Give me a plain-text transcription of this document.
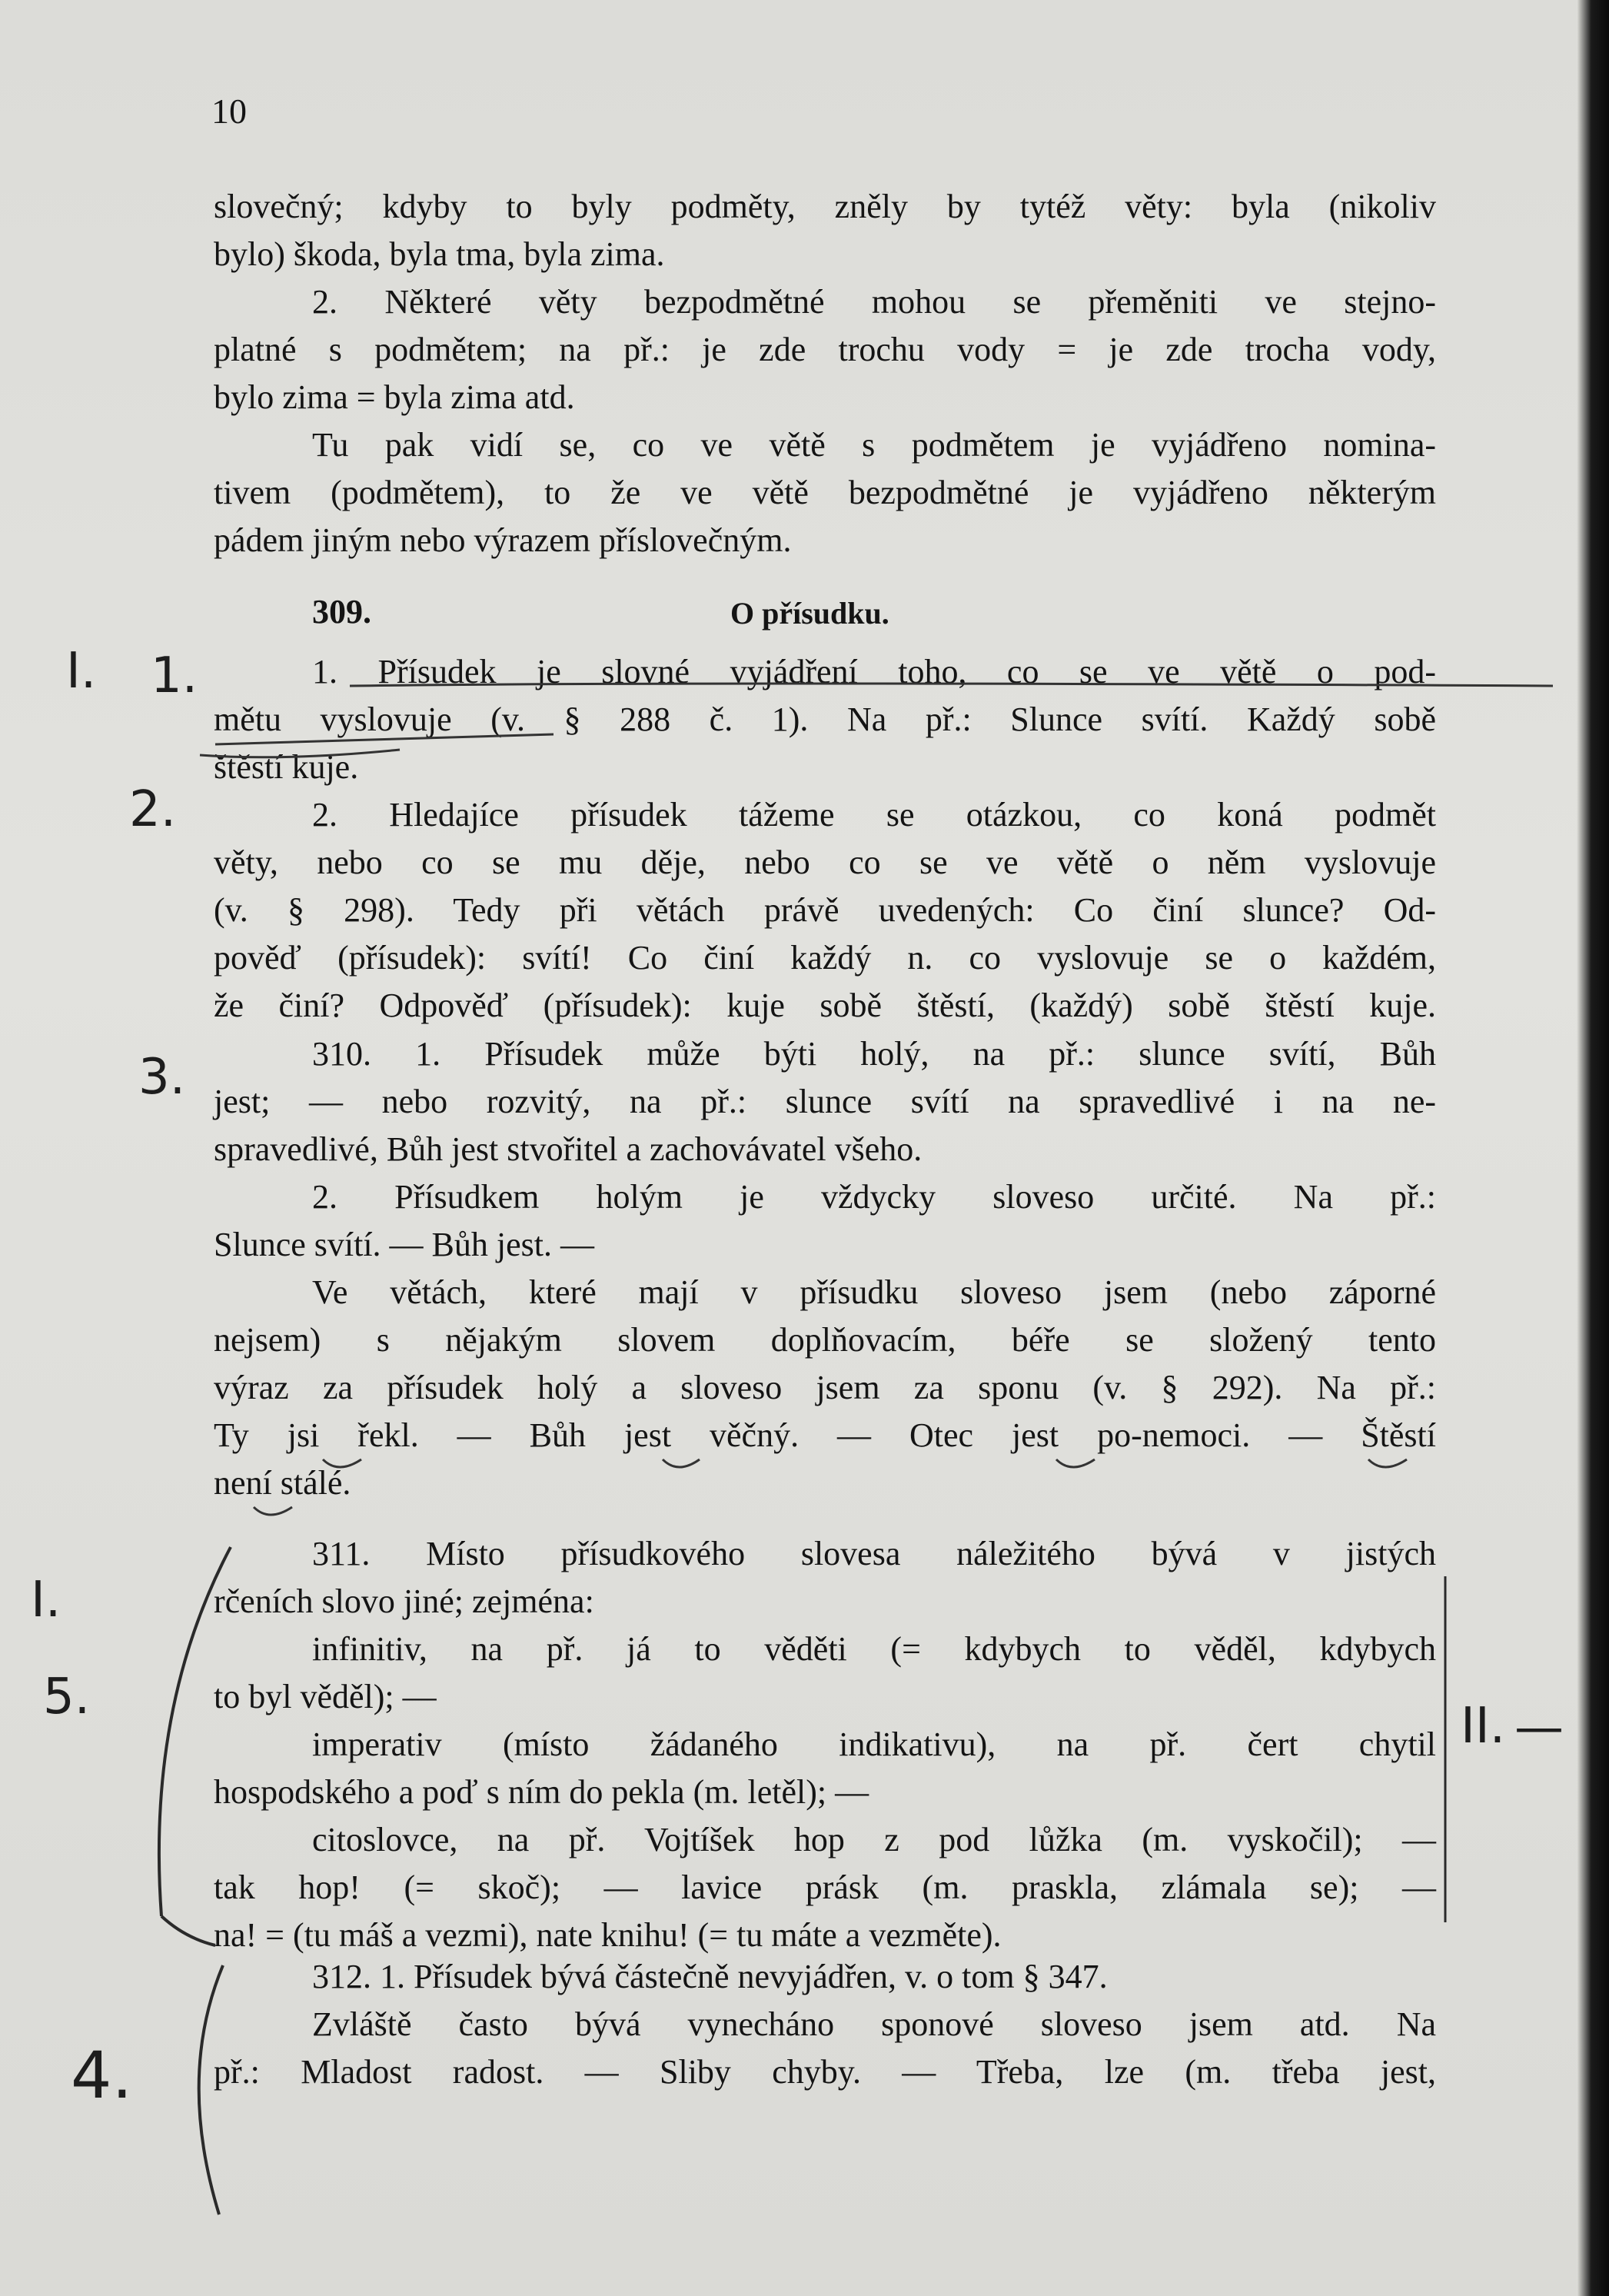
10
slovečný; kdyby to byly podměty, zněly by tytéž věty: byla (nikoliv
bylo) škoda, byla tma, byla zima.
2. Některé věty bezpodmětné mohou se přeměniti ve stejno-
platné s podmětem; na př.: je zde trochu vody = je zde trocha vody,
bylo zima = byla zima atd.
Tu pak vidí se, co ve větě s podmětem je vyjádřeno nomina-
tivem (podmětem), to že ve větě bezpodmětné je vyjádřeno některým
pádem jiným nebo výrazem příslovečným.
309.	O přísudku.
1. Přísudek je slovné vyjádření toho, co se ve větě o pod-
mětu vyslovuje (v. § 288 č. 1). Na př.: Slunce svítí. Každý sobě
štěstí kuje.
2. Hledajíce přísudek tážeme se otázkou, co koná podmět
věty, nebo co se mu děje, nebo co se ve větě o něm vyslovuje
(v. § 298). Tedy při větách právě uvedených: Co činí slunce? Od-
pověď (přísudek): svítí! Co činí každý n. co vyslovuje se o každém,
že činí? Odpověď (přísudek): kuje sobě štěstí, (každý) sobě štěstí kuje.
310. 1. Přísudek může býti holý, na př.: slunce svítí, Bůh
jest; — nebo rozvitý, na př.: slunce svítí na spravedlivé i na ne-
spravedlivé, Bůh jest stvořitel a zachovávatel všeho.
2. Přísudkem holým je vždycky sloveso určité. Na př.:
Slunce svítí. — Bůh jest. —
Ve větách, které mají v přísudku sloveso jsem (nebo záporné
nejsem) s nějakým slovem doplňovacím, béře se složený tento
výraz za přísudek holý a sloveso jsem za sponu (v. § 292). Na př.:
Ty jsi řekl. — Bůh jest věčný. — Otec jest po-nemoci. — Štěstí
není stálé.
311. Místo přísudkového slovesa náležitého bývá v jistých
rčeních slovo jiné; zejména:
infinitiv, na př. já to věděti (= kdybych to věděl, kdybych
to byl věděl); —
imperativ (místo žádaného indikativu), na př. čert chytil
hospodského a poď s ním do pekla (m. letěl); —
citoslovce, na př. Vojtíšek hop z pod lůžka (m. vyskočil); —
tak hop! (= skoč); — lavice prásk (m. praskla, zlámala se); —
na! = (tu máš a vezmi), nate knihu! (= tu máte a vezměte).
312. 1. Přísudek bývá částečně nevyjádřen, v. o tom § 347.
Zvláště často bývá vynecháno sponové sloveso jsem atd. Na
př.: Mladost radost. — Sliby chyby. — Třeba, lze (m. třeba jest,
I. 1.
2.
3.
I.
5.
4.
II. —
